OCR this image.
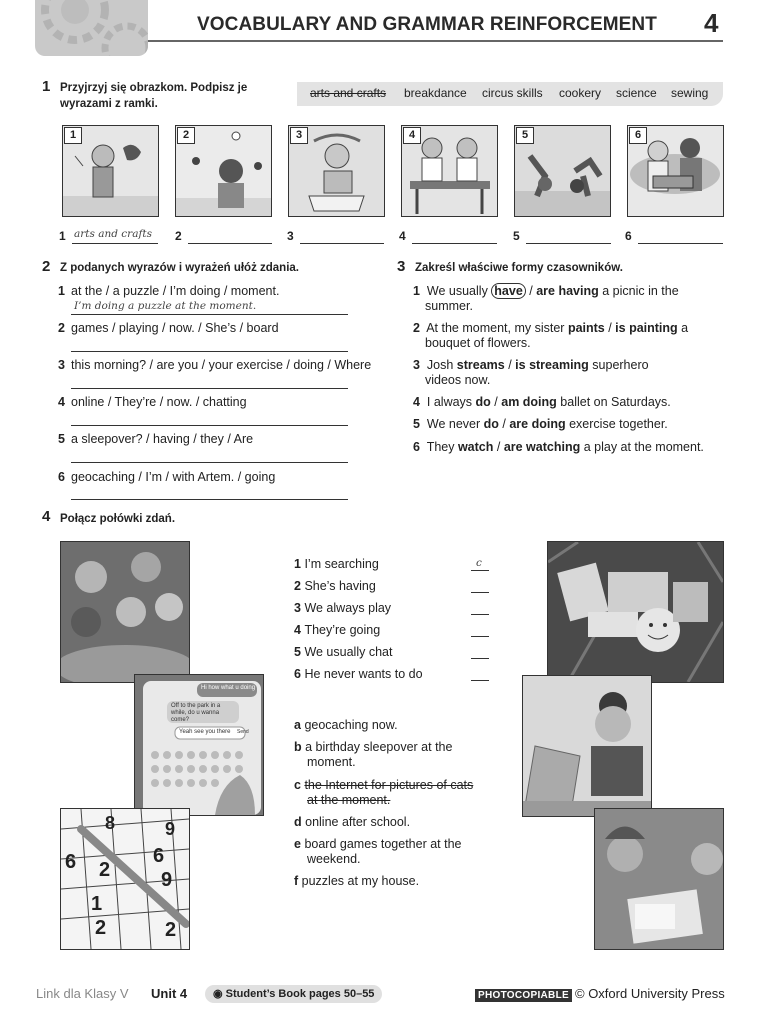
VOCABULARY AND GRAMMAR REINFORCEMENT 4
1 Przyjrzyj się obrazkom. Podpisz je wyrazami z ramki.
arts and crafts breakdance circus skills cookery science sewing
1	2	3	4	5	6
1 arts and crafts 2	3	4	5	6
2 Z podanych wyrazów i wyrażeń ułóż zdania.
1 at the / a puzzle / I’m doing / moment.
I’m doing a puzzle at the moment.
2 games / playing / now. / She’s / board
3 this morning? / are you / your exercise / doing / Where
4 online / They’re / now. / chatting
5 a sleepover? / having / they / Are
6 geocaching / I’m / with Artem. / going
3 Zakreśl właściwe formy czasowników.
1 We usually have / are having a picnic in the
summer.
2 At the moment, my sister paints / is painting a
bouquet of flowers.
3 Josh streams / is streaming superhero
videos now.
4 I always do / am doing ballet on Saturdays.
5 We never do / are doing exercise together.
6 They watch / are watching a play at the moment.
4 Połącz połówki zdań.
Hi how what u doing
Off to the park in a while, do u wanna come?
Yeah see you there Send
8	9
6 2
6
9
1
2	2
1 I’m searching	c
2 She’s having
3 We always play
4 They’re going
5 We usually chat
6 He never wants to do
a geocaching now.
b a birthday sleepover at the
moment.
c the Internet for pictures of cats
at the moment.
d online after school.
e board games together at the
weekend.
f puzzles at my house.
Link dla Klasy V Unit 4	◉ Student’s Book pages 50–55	PHOTOCOPIABLE © Oxford University Press
